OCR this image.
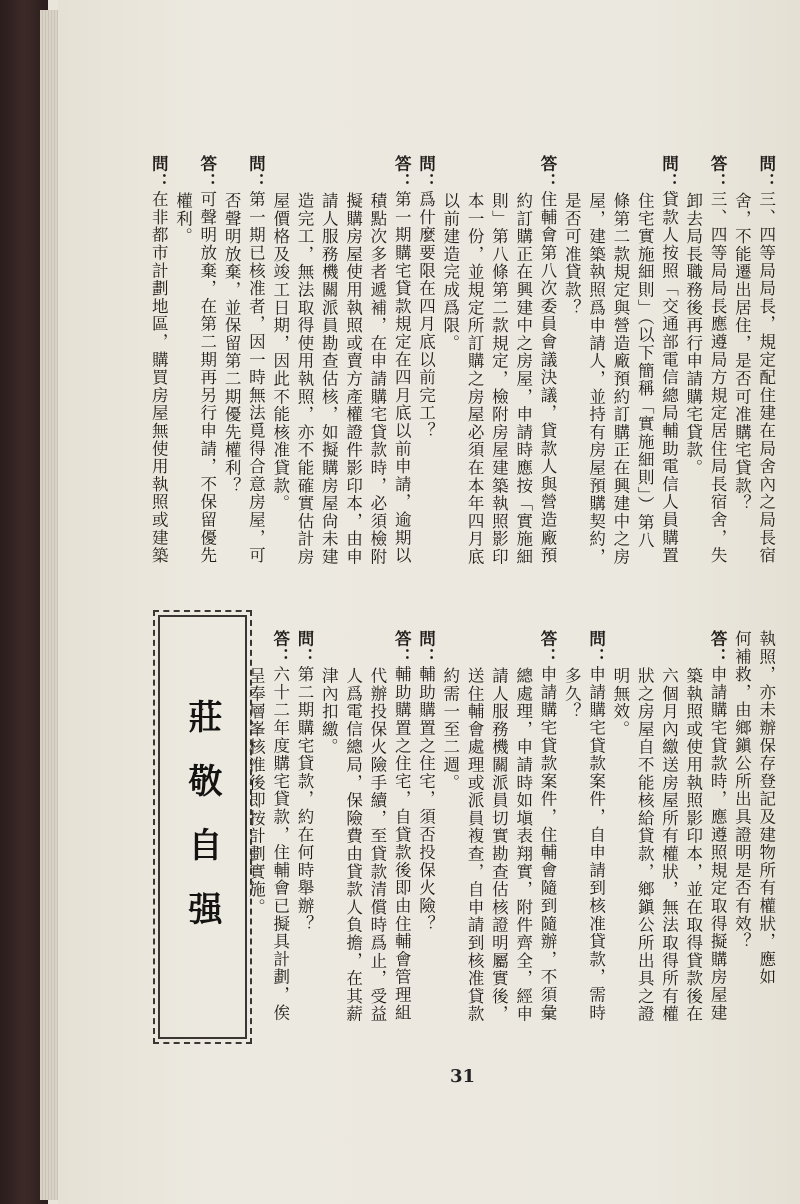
問：三、四等局局長，規定配住建在局舍內之局長宿
舍，不能遷出居住，是否可准購宅貸款？
答：三、四等局局長應遵局方規定居住局長宿舍，失
卸去局長職務後再行申請購宅貸款。
問：貸款人按照「交通部電信總局輔助電信人員購置
住宅實施細則」（以下簡稱「實施細則」）第八
條第二款規定與營造廠預約訂購正在興建中之房
屋，建築執照爲申請人，並持有房屋預購契約，
是否可准貸款？
答：住輔會第八次委員會議決議，貸款人與營造廠預
約訂購正在興建中之房屋，申請時應按「實施細
則」第八條第二款規定，檢附房屋建築執照影印
本一份，並規定所訂購之房屋必須在本年四月底
以前建造完成爲限。
問：爲什麼要限在四月底以前完工？
答：第一期購宅貸款規定在四月底以前申請，逾期以
積點次多者遞補，在申請購宅貸款時，必須檢附
擬購房屋使用執照或賣方產權證件影印本，由申
請人服務機關派員勘查估核，如擬購房屋尙未建
造完工，無法取得使用執照，亦不能確實估計房
屋價格及竣工日期，因此不能核准貸款。
問：第一期已核准者，因一時無法覓得合意房屋，可
否聲明放棄，並保留第二期優先權利？
答：可聲明放棄，在第二期再另行申請，不保留優先
權利。
問：在非都市計劃地區，購買房屋無使用執照或建築
執照，亦未辦保存登記及建物所有權狀，應如
何補救，由鄉鎭公所出具證明是否有效？
答：申請購宅貸款時，應遵照規定取得擬購房屋建
築執照或使用執照影印本，並在取得貸款後在
六個月內繳送房屋所有權狀，無法取得所有權
狀之房屋自不能核給貸款，鄉鎭公所出具之證
明無效。
問：申請購宅貸款案件，自申請到核准貸款，需時
多久？
答：申請購宅貸款案件，住輔會隨到隨辦，不須彙
總處理，申請時如塡表翔實，附件齊全，經申
請人服務機關派員切實勘查估核證明屬實後，
送住輔會處理或派員複查，自申請到核准貸款
約需一至二週。
問：輔助購置之住宅，須否投保火險？
答：輔助購置之住宅，自貸款後即由住輔會管理組
代辦投保火險手續，至貸款清償時爲止，受益
人爲電信總局，保險費由貸款人負擔，在其薪
津內扣繳。
問：第二期購宅貸款，約在何時舉辦？
答：六十二年度購宅貸款，住輔會已擬具計劃，俟
呈奉層峯核准後即按計劃實施。
莊敬自强
31
